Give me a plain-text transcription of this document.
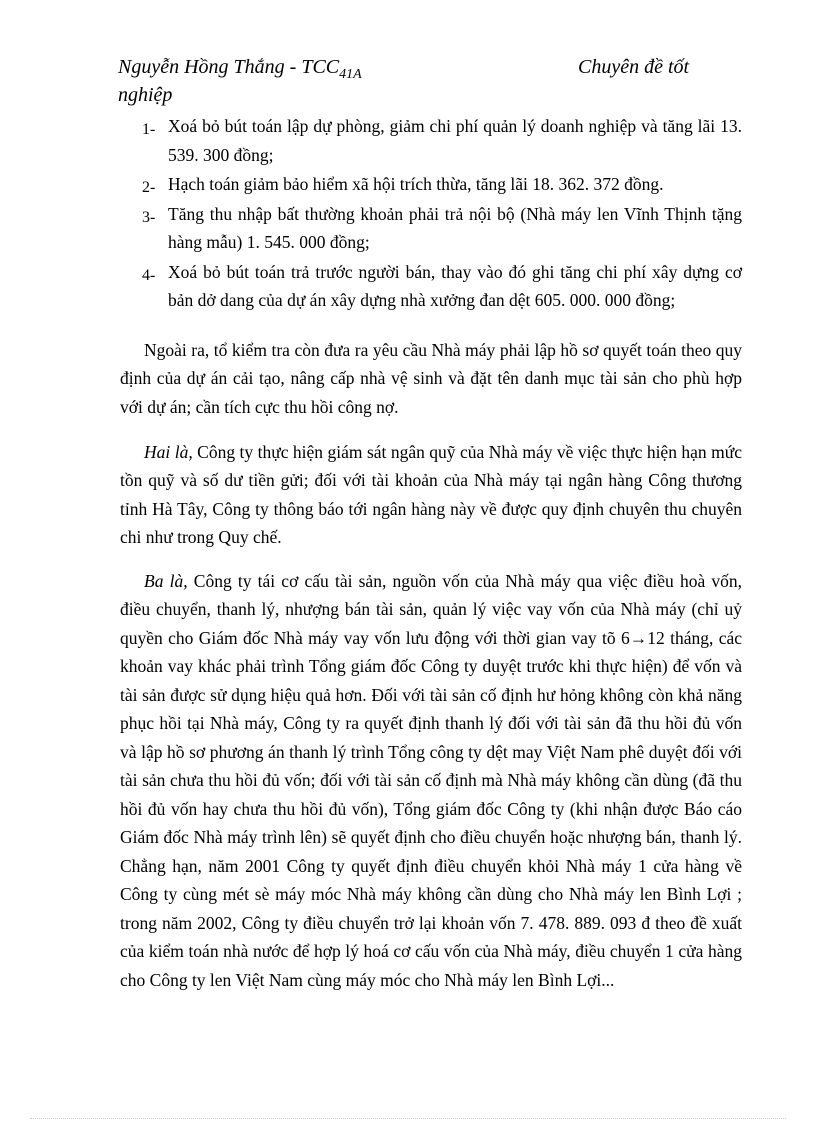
Nguyễn Hồng Thắng - $TCC_{41A}$	Chuyên đề tốt
nghiệp
1- Xoá bỏ bút toán lập dự phòng, giảm chi phí quản lý doanh nghiệp và tăng lãi 13. 539. 300 đồng;
2- Hạch toán giảm bảo hiểm xã hội trích thừa, tăng lãi 18. 362. 372 đồng.
3- Tăng thu nhập bất thường khoản phải trả nội bộ (Nhà máy len Vĩnh Thịnh tặng hàng mẫu) 1. 545. 000 đồng;
4- Xoá bỏ bút toán trả trước người bán, thay vào đó ghi tăng chi phí xây dựng cơ bản dở dang của dự án xây dựng nhà xưởng đan dệt 605. 000. 000 đồng;

Ngoài ra, tổ kiểm tra còn đưa ra yêu cầu Nhà máy phải lập hồ sơ quyết toán theo quy định của dự án cải tạo, nâng cấp nhà vệ sinh và đặt tên danh mục tài sản cho phù hợp với dự án; cần tích cực thu hồi công nợ.

Hai là, Công ty thực hiện giám sát ngân quỹ của Nhà máy về việc thực hiện hạn mức tồn quỹ và số dư tiền gửi; đối với tài khoản của Nhà máy tại ngân hàng Công thương tỉnh Hà Tây, Công ty thông báo tới ngân hàng này về được quy định chuyên thu chuyên chi như trong Quy chế.

Ba là, Công ty tái cơ cấu tài sản, nguồn vốn của Nhà máy qua việc điều hoà vốn, điều chuyển, thanh lý, nhượng bán tài sản, quản lý việc vay vốn của Nhà máy (chỉ uỷ quyền cho Giám đốc Nhà máy vay vốn lưu động với thời gian vay tõ 6→12 tháng, các khoản vay khác phải trình Tổng giám đốc Công ty duyệt trước khi thực hiện) để vốn và tài sản được sử dụng hiệu quả hơn. Đối với tài sản cố định hư hỏng không còn khả năng phục hồi tại Nhà máy, Công ty ra quyết định thanh lý đối với tài sản đã thu hồi đủ vốn và lập hồ sơ phương án thanh lý trình Tổng công ty dệt may Việt Nam phê duyệt đối với tài sản chưa thu hồi đủ vốn; đối với tài sản cố định mà Nhà máy không cần dùng (đã thu hồi đủ vốn hay chưa thu hồi đủ vốn), Tổng giám đốc Công ty (khi nhận được Báo cáo Giám đốc Nhà máy trình lên) sẽ quyết định cho điều chuyển hoặc nhượng bán, thanh lý. Chẳng hạn, năm 2001 Công ty quyết định điều chuyển khỏi Nhà máy 1 cửa hàng về Công ty cùng mét sè máy móc Nhà máy không cần dùng cho Nhà máy len Bình Lợi ; trong năm 2002, Công ty điều chuyển trở lại khoản vốn 7. 478. 889. 093 đ theo đề xuất của kiểm toán nhà nước để hợp lý hoá cơ cấu vốn của Nhà máy, điều chuyển 1 cửa hàng cho Công ty len Việt Nam cùng máy móc cho Nhà máy len Bình Lợi...
